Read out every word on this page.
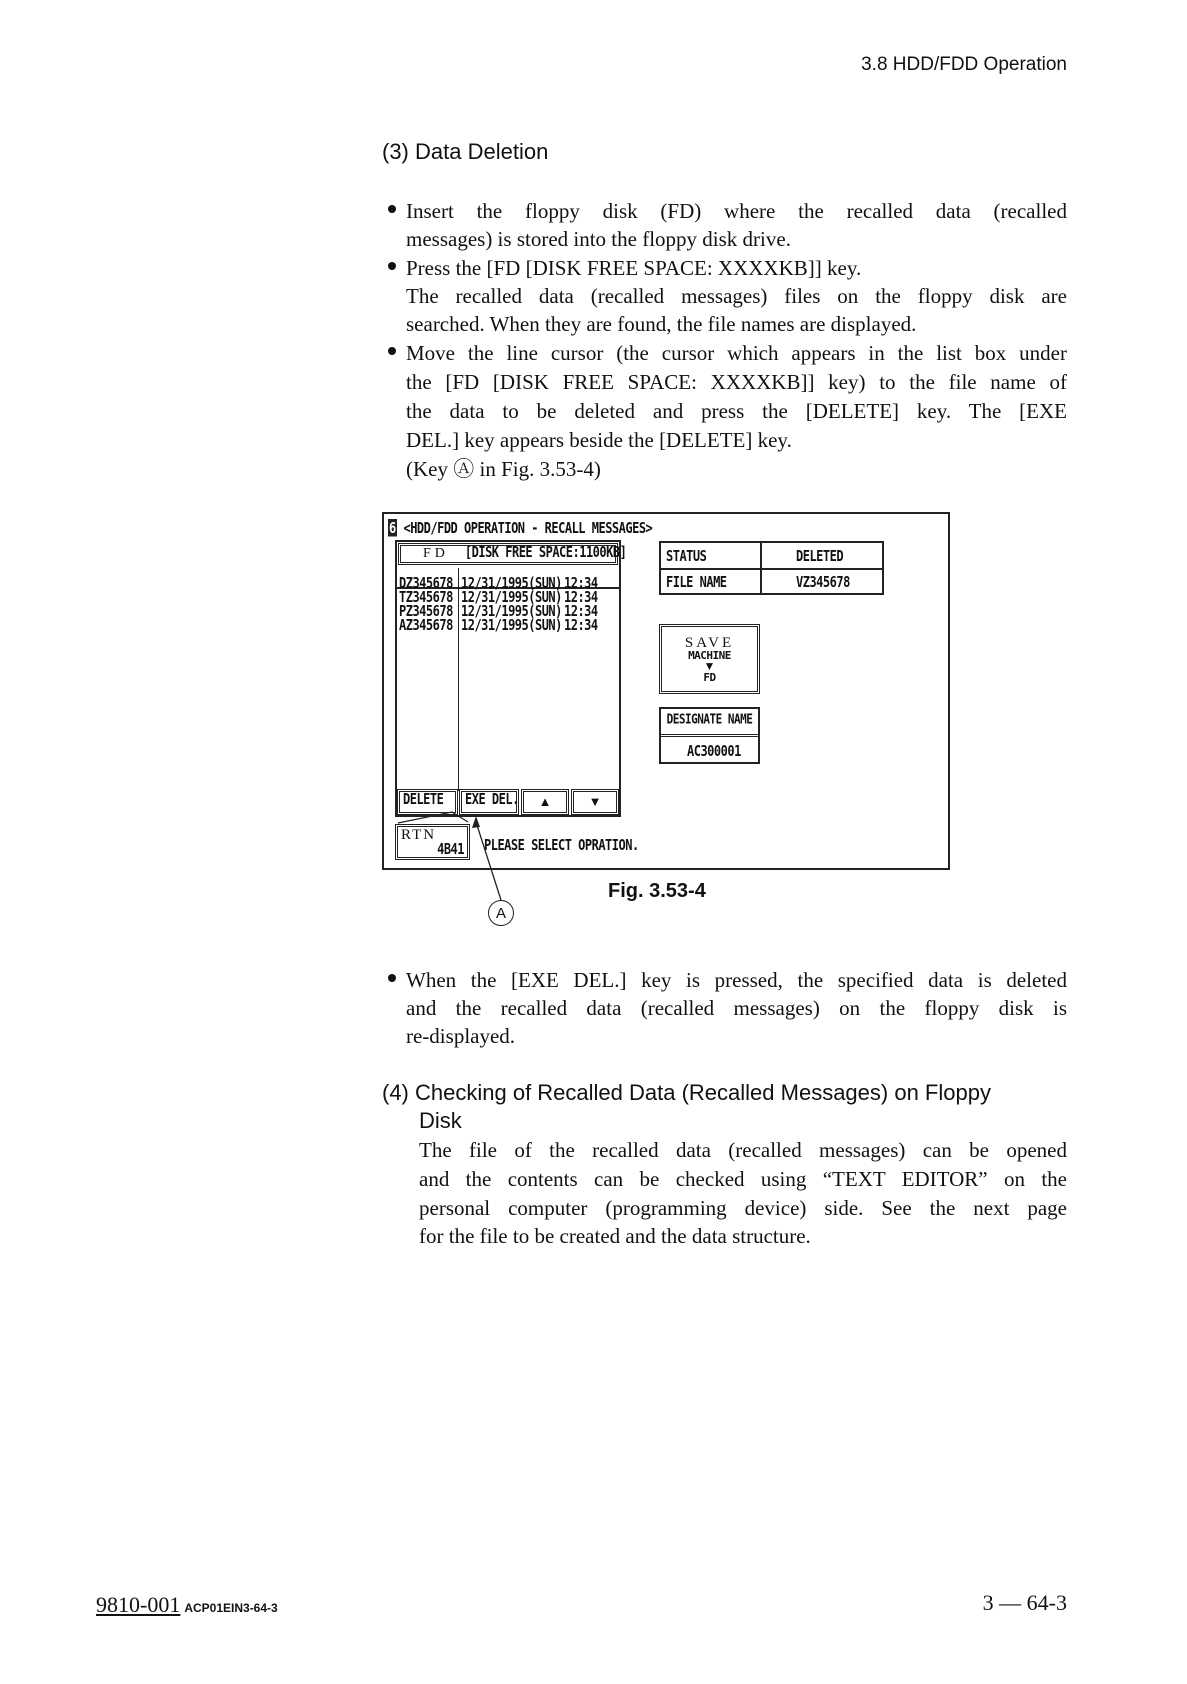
3.8 HDD/FDD Operation
(3) Data Deletion
Insert the floppy disk (FD) where the recalled data (recalled
messages) is stored into the floppy disk drive.
Press the [FD [DISK FREE SPACE: XXXXKB]] key.
The recalled data (recalled messages) files on the floppy disk are
searched. When they are found, the file names are displayed.
Move the line cursor (the cursor which appears in the list box under
the [FD [DISK FREE SPACE: XXXXKB]] key) to the file name of
the data to be deleted and press the [DELETE] key. The [EXE
DEL.] key appears beside the [DELETE] key.
(Key Ⓐ in Fig. 3.53-4)
6 <HDD/FDD OPERATION - RECALL MESSAGES>
FD [DISK FREE SPACE:1100KB]
DZ345678 12/31/1995(SUN) 12:34
TZ345678 12/31/1995(SUN) 12:34
PZ345678 12/31/1995(SUN) 12:34
AZ345678 12/31/1995(SUN) 12:34
DELETE EXE DEL. ▲	▼
RTN
4B41 PLEASE SELECT OPRATION.
STATUS	DELETED
FILE NAME	VZ345678
SAVE
MACHINE
▼
FD
DESIGNATE NAME
AC300001
A
Fig. 3.53-4
When the [EXE DEL.] key is pressed, the specified data is deleted
and the recalled data (recalled messages) on the floppy disk is
re-displayed.
(4) Checking of Recalled Data (Recalled Messages) on Floppy
Disk
The file of the recalled data (recalled messages) can be opened
and the contents can be checked using “TEXT EDITOR” on the
personal computer (programming device) side. See the next page
for the file to be created and the data structure.
9810-001 ACP01EIN3-64-3	3 — 64-3
